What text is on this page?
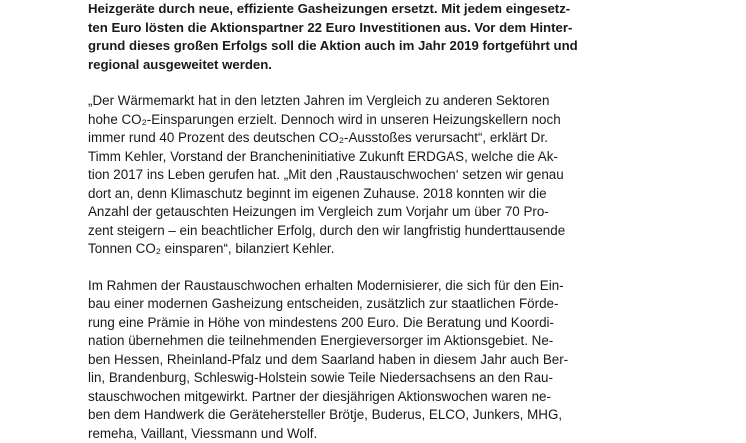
Heizgeräte durch neue, effiziente Gasheizungen ersetzt. Mit jedem eingesetz-
ten Euro lösten die Aktionspartner 22 Euro Investitionen aus. Vor dem Hinter-
grund dieses großen Erfolgs soll die Aktion auch im Jahr 2019 fortgeführt und
regional ausgeweitet werden.
„Der Wärmemarkt hat in den letzten Jahren im Vergleich zu anderen Sektoren
hohe CO₂-Einsparungen erzielt. Dennoch wird in unseren Heizungskellern noch
immer rund 40 Prozent des deutschen CO₂-Ausstoßes verursacht“, erklärt Dr.
Timm Kehler, Vorstand der Brancheninitiative Zukunft ERDGAS, welche die Ak-
tion 2017 ins Leben gerufen hat. „Mit den ‚Raustauschwochen‘ setzen wir genau
dort an, denn Klimaschutz beginnt im eigenen Zuhause. 2018 konnten wir die
Anzahl der getauschten Heizungen im Vergleich zum Vorjahr um über 70 Pro-
zent steigern – ein beachtlicher Erfolg, durch den wir langfristig hunderttausende
Tonnen CO₂ einsparen“, bilanziert Kehler.
Im Rahmen der Raustauschwochen erhalten Modernisierer, die sich für den Ein-
bau einer modernen Gasheizung entscheiden, zusätzlich zur staatlichen Förde-
rung eine Prämie in Höhe von mindestens 200 Euro. Die Beratung und Koordi-
nation übernehmen die teilnehmenden Energieversorger im Aktionsgebiet. Ne-
ben Hessen, Rheinland-Pfalz und dem Saarland haben in diesem Jahr auch Ber-
lin, Brandenburg, Schleswig-Holstein sowie Teile Niedersachsens an den Rau-
stauschwochen mitgewirkt. Partner der diesjährigen Aktionswochen waren ne-
ben dem Handwerk die Gerätehersteller Brötje, Buderus, ELCO, Junkers, MHG,
remeha, Vaillant, Viessmann und Wolf.
